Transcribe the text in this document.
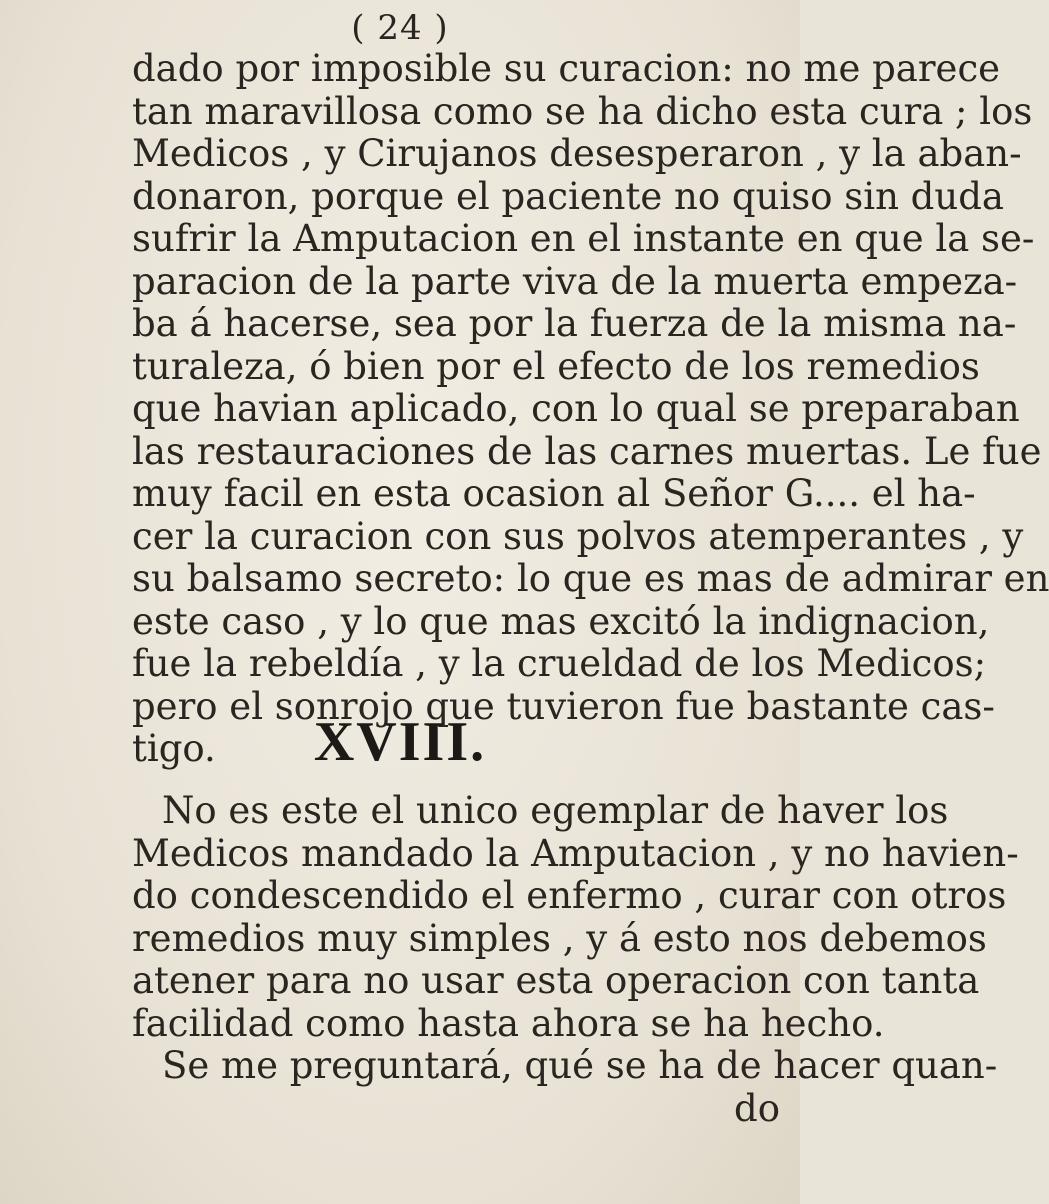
( 24 )
dado por imposible su curacion: no me parece
tan maravillosa como se ha dicho esta cura ; los
Medicos , y Cirujanos desesperaron , y la aban-
donaron, porque el paciente no quiso sin duda
sufrir la Amputacion en el instante en que la se-
paracion de la parte viva de la muerta empeza-
ba á hacerse, sea por la fuerza de la misma na-
turaleza, ó bien por el efecto de los remedios
que havian aplicado, con lo qual se preparaban
las restauraciones de las carnes muertas. Le fue
muy facil en esta ocasion al Señor G.... el ha-
cer la curacion con sus polvos atemperantes , y
su balsamo secreto: lo que es mas de admirar en
este caso , y lo que mas excitó la indignacion,
fue la rebeldía , y la crueldad de los Medicos;
pero el sonrojo que tuvieron fue bastante cas-
tigo.	XVIII.
No es este el unico egemplar de haver los
Medicos mandado la Amputacion , y no havien-
do condescendido el enfermo , curar con otros
remedios muy simples , y á esto nos debemos
atener para no usar esta operacion con tanta
facilidad como hasta ahora se ha hecho.
Se me preguntará, qué se ha de hacer quan-
do
